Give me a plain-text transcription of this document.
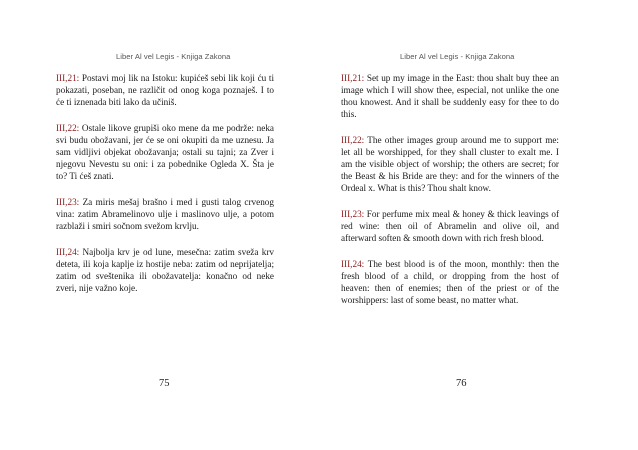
Liber Al vel Legis - Knjiga Zakona

III,21: Postavi moj lik na Istoku: kupićeš sebi lik koji ću ti pokazati, poseban, ne različit od onog koga poznaješ. I to će ti iznenada biti lako da učiniš.

III,22: Ostale likove grupiši oko mene da me podrže: neka svi budu obožavani, jer će se oni okupiti da me uznesu. Ja sam vidljivi objekat obožavanja; ostali su tajni; za Zver i njegovu Nevestu su oni: i za pobednike Ogleda X. Šta je to? Ti ćeš znati.

III,23: Za miris mešaj brašno i med i gusti talog crvenog vina: zatim Abramelinovo ulje i maslinovo ulje, a potom razblaži i smiri sočnom svežom krvlju.

III,24: Najbolja krv je od lune, mesečna: zatim sveža krv deteta, ili koja kaplje iz hostije neba: zatim od neprijatelja; zatim od sveštenika ili obožavatelja: konačno od neke zveri, nije važno koje.

75
Liber Al vel Legis - Knjiga Zakona

III,21: Set up my image in the East: thou shalt buy thee an image which I will show thee, especial, not unlike the one thou knowest. And it shall be suddenly easy for thee to do this.

III,22: The other images group around me to support me: let all be worshipped, for they shall cluster to exalt me. I am the visible object of worship; the others are secret; for the Beast & his Bride are they: and for the winners of the Ordeal x. What is this? Thou shalt know.

III,23: For perfume mix meal & honey & thick leavings of red wine: then oil of Abramelin and olive oil, and afterward soften & smooth down with rich fresh blood.

III,24: The best blood is of the moon, monthly: then the fresh blood of a child, or dropping from the host of heaven: then of enemies; then of the priest or of the worshippers: last of some beast, no matter what.

76
